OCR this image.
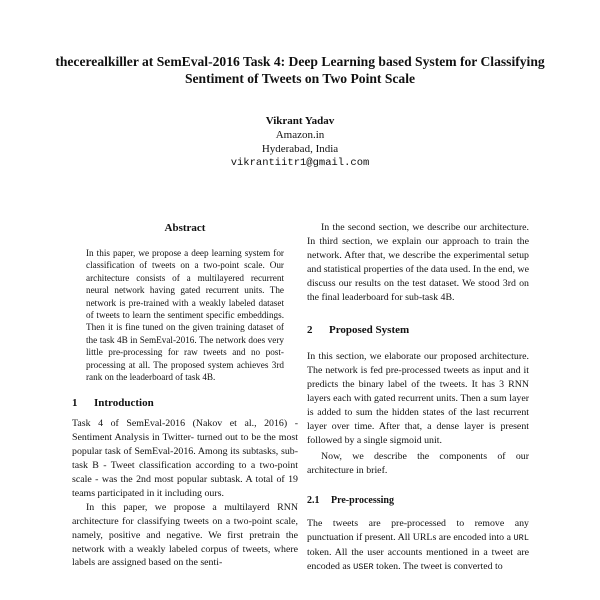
thecerealkiller at SemEval-2016 Task 4: Deep Learning based System for Classifying Sentiment of Tweets on Two Point Scale
Vikrant Yadav
Amazon.in
Hyderabad, India
vikrantiitr1@gmail.com
Abstract

In this paper, we propose a deep learning system for classification of tweets on a two-point scale. Our architecture consists of a multilayered recurrent neural network having gated recurrent units. The network is pre-trained with a weakly labeled dataset of tweets to learn the sentiment specific embeddings. Then it is fine tuned on the given training dataset of the task 4B in SemEval-2016. The network does very little pre-processing for raw tweets and no post-processing at all. The proposed system achieves 3rd rank on the leaderboard of task 4B.

1 Introduction

Task 4 of SemEval-2016 (Nakov et al., 2016) - Sentiment Analysis in Twitter- turned out to be the most popular task of SemEval-2016. Among its subtasks, sub-task B - Tweet classification according to a two-point scale - was the 2nd most popular subtask. A total of 19 teams participated in it including ours.

In this paper, we propose a multilayerd RNN architecture for classifying tweets on a two-point scale, namely, positive and negative. We first pretrain the network with a weakly labeled corpus of tweets, where labels are assigned based on the senti-

In the second section, we describe our architecture. In third section, we explain our approach to train the network. After that, we describe the experimental setup and statistical properties of the data used. In the end, we discuss our results on the test dataset. We stood 3rd on the final leaderboard for sub-task 4B.

2 Proposed System

In this section, we elaborate our proposed architecture. The network is fed pre-processed tweets as input and it predicts the binary label of the tweets. It has 3 RNN layers each with gated recurrent units. Then a sum layer is added to sum the hidden states of the last recurrent layer over time. After that, a dense layer is present followed by a single sigmoid unit.

Now, we describe the components of our architecture in brief.

2.1 Pre-processing

The tweets are pre-processed to remove any punctuation if present. All URLs are encoded into a URL token. All the user accounts mentioned in a tweet are encoded as USER token. The tweet is converted to
